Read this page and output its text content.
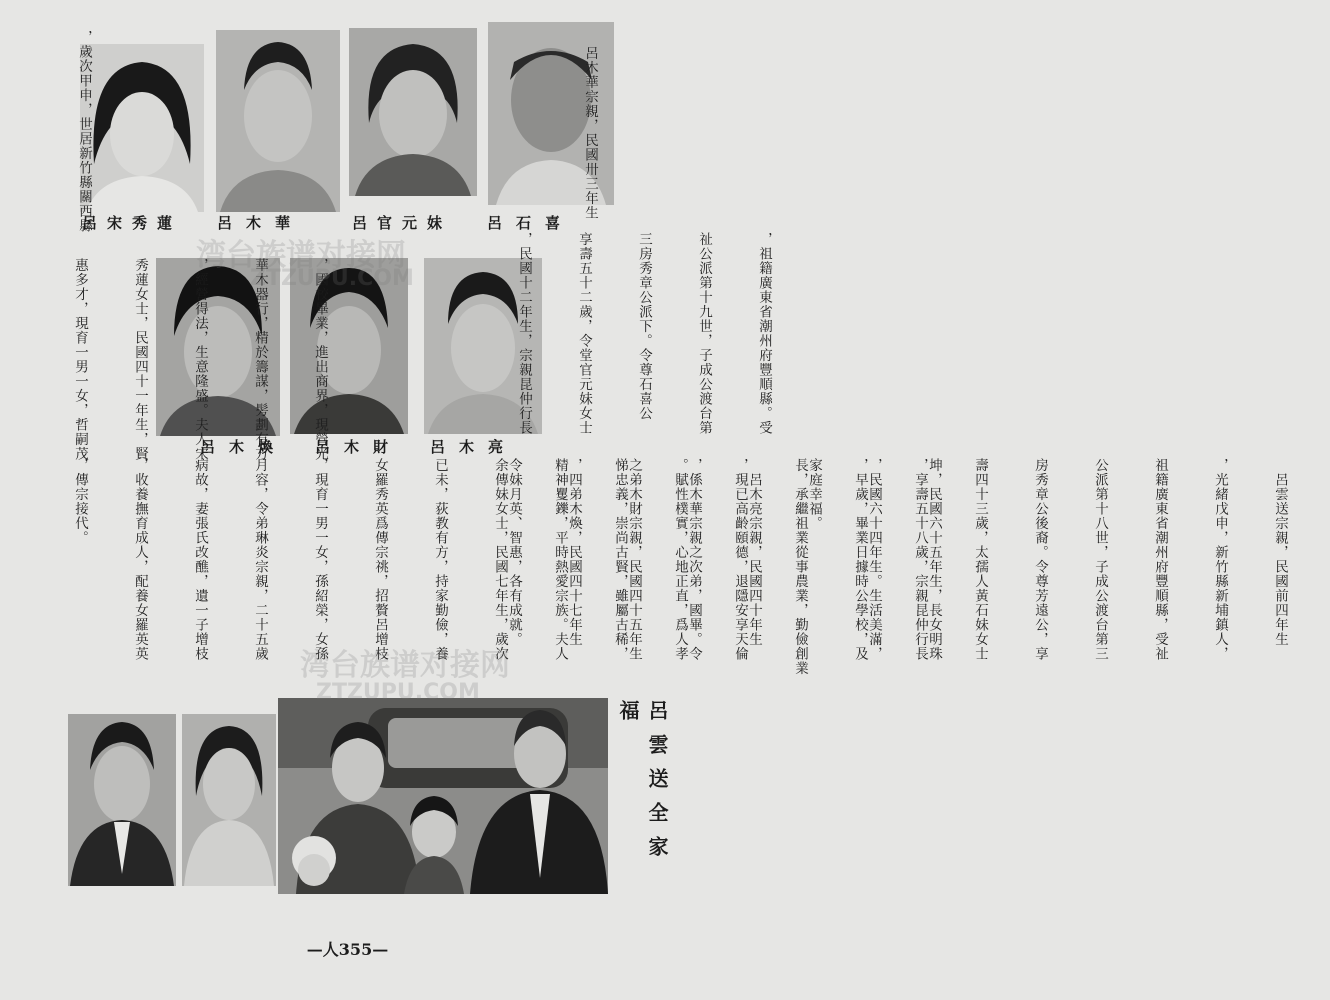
呂宋秀蓮	呂木華	呂官元妹	呂石喜
呂木煥	呂木財	呂木亮

呂木華宗親，民國卅三年生

，祖籍廣東省潮州府豐順縣。受

祉公派第十九世，子成公渡台第

三房秀章公派下。令尊石喜公

享壽五十二歲，令堂官元妹女士

，民國十二年生，宗親昆仲行長

，歲次甲申，世居新竹縣關西縣

，國校畢業，進出商界，現營光

華木器行，精於籌謀，髣劃有方

，經營得法，生意隆盛。夫人宋

秀蓮女士，民國四十一年生，賢

惠多才，現育一男一女，哲嗣茂

坤，民國六十五年生，長女明珠

，民國六十四年生。生活美滿，

家庭幸福。

　呂木亮宗親，民國四十年生

，係木華宗親之次弟，國畢。令

之弟木財宗親，民國四十五年生

，四弟木煥，民國四十七年生

令妹月英、智惠，各有成就。

	　呂雲送宗親，民國前四年生

，光緒戊申，新竹縣新埔鎮人，

祖籍廣東省潮州府豐順縣，受祉

公派第十八世，子成公渡台第三

房秀章公後裔。令尊芳遠公，享

壽四十三歲，太孺人黃石妹女士

，享壽五十八歲，宗親昆仲行長

，早歲，畢業日據時公學校，及

長，承繼祖業從事農業，勤儉創業

，現已高齡頤德，退隱安享天倫

。賦性樸實，心地正直，爲人孝

悌忠義，崇尚古賢，雖屬古稀，

精神矍鑠，平時熱愛宗族。夫人

余傳妹女士，民國七年生，歲次

已未，荻教有方，持家勤儉，養

女羅秀英爲傳宗祧，招贅呂增枝

，現育一男一女，孫紹榮，女孫

月容，令弟琳炎宗親，二十五歲

病故，妻張氏改醮，遺一子增枝

，收養撫育成人，配養女羅英英

，傳宗接代。

呂雲送全家福
湾台族谱对接网
ZTZUPU.COM
湾台族谱对接网
ZTZUPU.COM
—人355—
